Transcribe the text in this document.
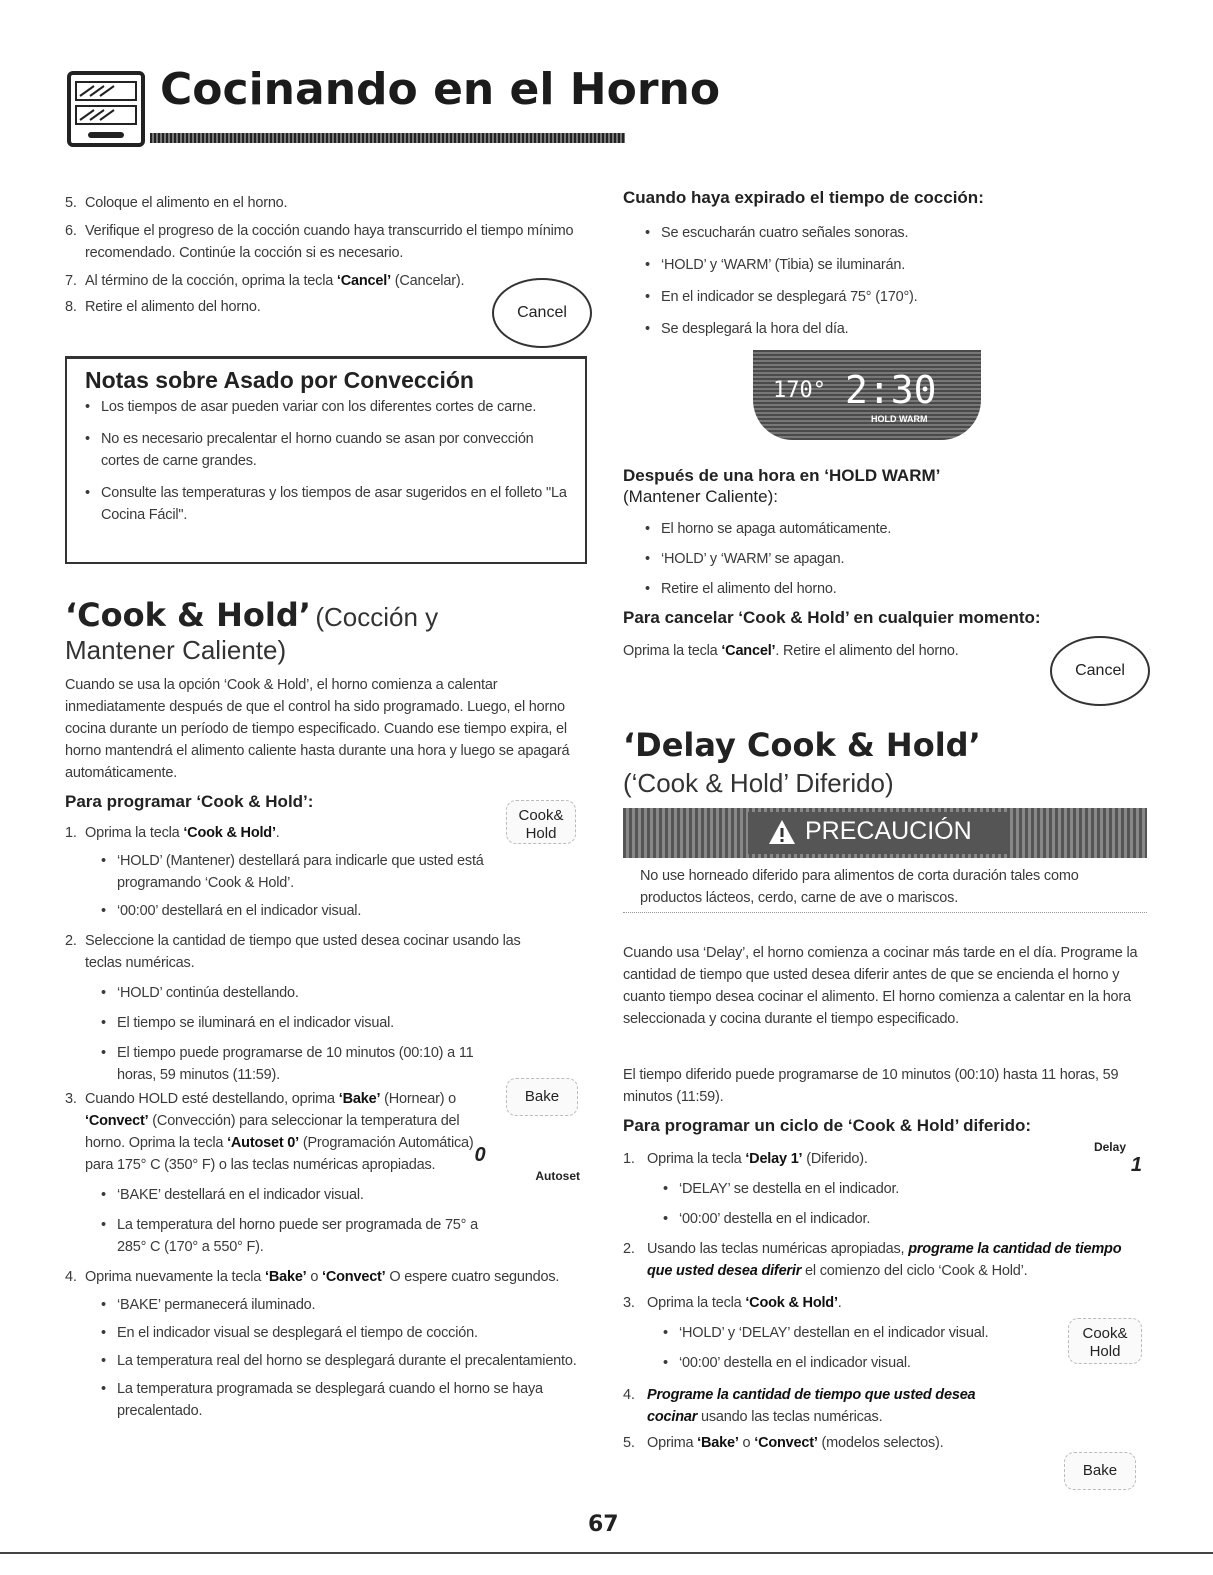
Cocinando en el Horno
5. Coloque el alimento en el horno.
6. Verifique el progreso de la cocción cuando haya transcurrido el tiempo mínimo recomendado. Continúe la cocción si es necesario.
7. Al término de la cocción, oprima la tecla ‘Cancel’ (Cancelar).
8. Retire el alimento del horno.	Cancel
Notas sobre Asado por Convección
• Los tiempos de asar pueden variar con los diferentes cortes de carne.
• No es necesario precalentar el horno cuando se asan por convección cortes de carne grandes.
• Consulte las temperaturas y los tiempos de asar sugeridos en el folleto "La Cocina Fácil".
‘Cook & Hold’ (Cocción y
Mantener Caliente)
Cuando se usa la opción ‘Cook & Hold’, el horno comienza a calentar inmediatamente después de que el control ha sido programado. Luego, el horno cocina durante un período de tiempo especificado. Cuando ese tiempo expira, el horno mantendrá el alimento caliente hasta durante una hora y luego se apagará automáticamente.
Para programar ‘Cook & Hold’:
1. Oprima la tecla ‘Cook & Hold’.
• ‘HOLD’ (Mantener) destellará para indicarle que usted está programando ‘Cook & Hold’.
• ‘00:00’ destellará en el indicador visual.
2. Seleccione la cantidad de tiempo que usted desea cocinar usando las teclas numéricas.
• ‘HOLD’ continúa destellando.
• El tiempo se iluminará en el indicador visual.
• El tiempo puede programarse de 10 minutos (00:10) a 11 horas, 59 minutos (11:59).
3. Cuando HOLD esté destellando, oprima ‘Bake’ (Hornear) o ‘Convect’ (Convección) para seleccionar la temperatura del horno. Oprima la tecla ‘Autoset 0’ (Programación Automática) para 175° C (350° F) o las teclas numéricas apropiadas.
• ‘BAKE’ destellará en el indicador visual.
• La temperatura del horno puede ser programada de 75° a 285° C (170° a 550° F).
4. Oprima nuevamente la tecla ‘Bake’ o ‘Convect’ O espere cuatro segundos.
• ‘BAKE’ permanecerá iluminado.
• En el indicador visual se desplegará el tiempo de cocción.
• La temperatura real del horno se desplegará durante el precalentamiento.
• La temperatura programada se desplegará cuando el horno se haya precalentado.
Cook&
Hold
Bake
0
Autoset
Cuando haya expirado el tiempo de cocción:
• Se escucharán cuatro señales sonoras.
• ‘HOLD’ y ‘WARM’ (Tibia) se iluminarán.
• En el indicador se desplegará 75° (170°).
• Se desplegará la hora del día.
170° 2:30
HOLD WARM
Después de una hora en ‘HOLD WARM’
(Mantener Caliente):
• El horno se apaga automáticamente.
• ‘HOLD’ y ‘WARM’ se apagan.
• Retire el alimento del horno.
Para cancelar ‘Cook & Hold’ en cualquier momento:
Oprima la tecla ‘Cancel’. Retire el alimento del horno.
Cancel
‘Delay Cook & Hold’
(‘Cook & Hold’ Diferido)
PRECAUCIÓN
No use horneado diferido para alimentos de corta duración tales como productos lácteos, cerdo, carne de ave o mariscos.
Cuando usa ‘Delay’, el horno comienza a cocinar más tarde en el día. Programe la cantidad de tiempo que usted desea diferir antes de que se encienda el horno y cuanto tiempo desea cocinar el alimento. El horno comienza a calentar en la hora seleccionada y cocina durante el tiempo especificado.
El tiempo diferido puede programarse de 10 minutos (00:10) hasta 11 horas, 59 minutos (11:59).
Para programar un ciclo de ‘Cook & Hold’ diferido:
1. Oprima la tecla ‘Delay 1’ (Diferido).
• ‘DELAY’ se destella en el indicador.
• ‘00:00’ destella en el indicador.
2. Usando las teclas numéricas apropiadas, programe la cantidad de tiempo que usted desea diferir el comienzo del ciclo ‘Cook & Hold’.
3. Oprima la tecla ‘Cook & Hold’.
• ‘HOLD’ y ‘DELAY’ destellan en el indicador visual.
• ‘00:00’ destella en el indicador visual.
4. Programe la cantidad de tiempo que usted desea cocinar usando las teclas numéricas.
5. Oprima ‘Bake’ o ‘Convect’ (modelos selectos).
Delay
1
Cook&
Hold
Bake
67
